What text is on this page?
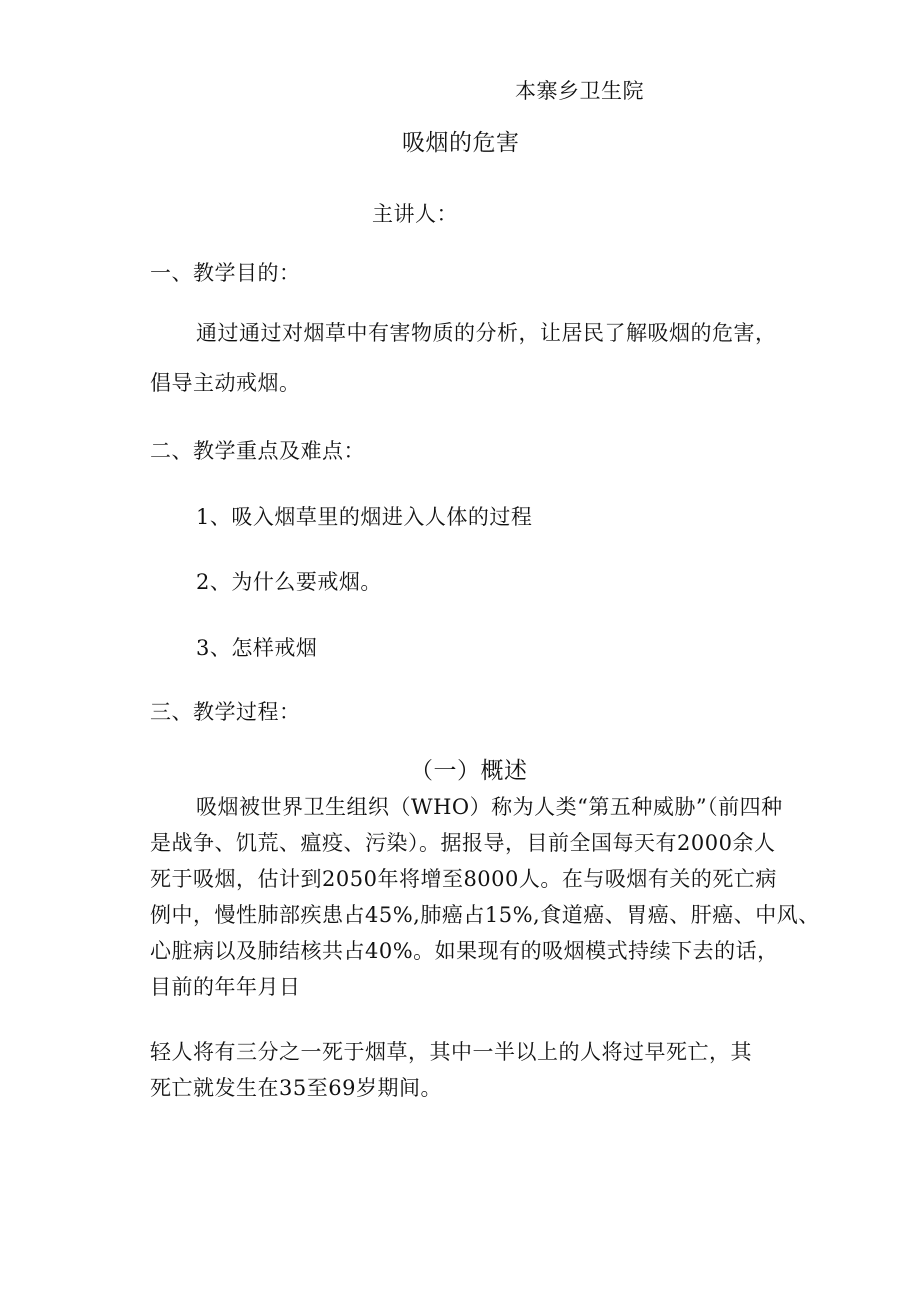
本寨乡卫生院
吸烟的危害
主讲人：
一、教学目的：
通过通过对烟草中有害物质的分析，让居民了解吸烟的危害，
倡导主动戒烟。
二、教学重点及难点：
1、吸入烟草里的烟进入人体的过程
2、为什么要戒烟。
3、怎样戒烟
三、教学过程：
（一）概述
吸烟被世界卫生组织（WHO）称为人类“第五种威胁”（前四种
是战争、饥荒、瘟疫、污染）。据报导，目前全国每天有2000余人
死于吸烟，估计到2050年将增至8000人。在与吸烟有关的死亡病
例中，慢性肺部疾患占45%,肺癌占15%,食道癌、胃癌、肝癌、中风、
心脏病以及肺结核共占40%。如果现有的吸烟模式持续下去的话，
目前的年年月日
轻人将有三分之一死于烟草，其中一半以上的人将过早死亡，其
死亡就发生在35至69岁期间。
